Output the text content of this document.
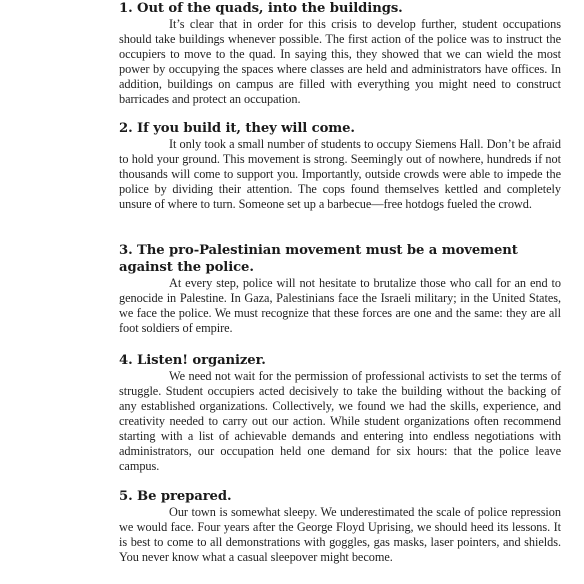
1. Out of the quads, into the buildings.

It’s clear that in order for this crisis to develop further, student occupations should take buildings whenever possible. The first action of the police was to instruct the occupiers to move to the quad. In saying this, they showed that we can wield the most power by occupying the spaces where classes are held and administrators have offices. In addition, buildings on campus are filled with everything you might need to construct barricades and protect an occupation.

2. If you build it, they will come.

It only took a small number of students to occupy Siemens Hall. Don’t be afraid to hold your ground. This movement is strong. Seemingly out of nowhere, hundreds if not thousands will come to support you. Importantly, outside crowds were able to impede the police by dividing their attention. The cops found themselves kettled and completely unsure of where to turn. Someone set up a barbecue—free hotdogs fueled the crowd.

3. The pro-Palestinian movement must be a movement against the police.

At every step, police will not hesitate to brutalize those who call for an end to genocide in Palestine. In Gaza, Palestinians face the Israeli military; in the United States, we face the police. We must recognize that these forces are one and the same: they are all foot soldiers of empire.

4. Listen! organizer.

We need not wait for the permission of professional activists to set the terms of struggle. Student occupiers acted decisively to take the building without the backing of any established organizations. Collectively, we found we had the skills, experience, and creativity needed to carry out our action. While student organizations often recommend starting with a list of achievable demands and entering into endless negotiations with administrators, our occupation held one demand for six hours: that the police leave campus.

5. Be prepared.

Our town is somewhat sleepy. We underestimated the scale of police repression we would face. Four years after the George Floyd Uprising, we should heed its lessons. It is best to come to all demonstrations with goggles, gas masks, laser pointers, and shields. You never know what a casual sleepover might become.
